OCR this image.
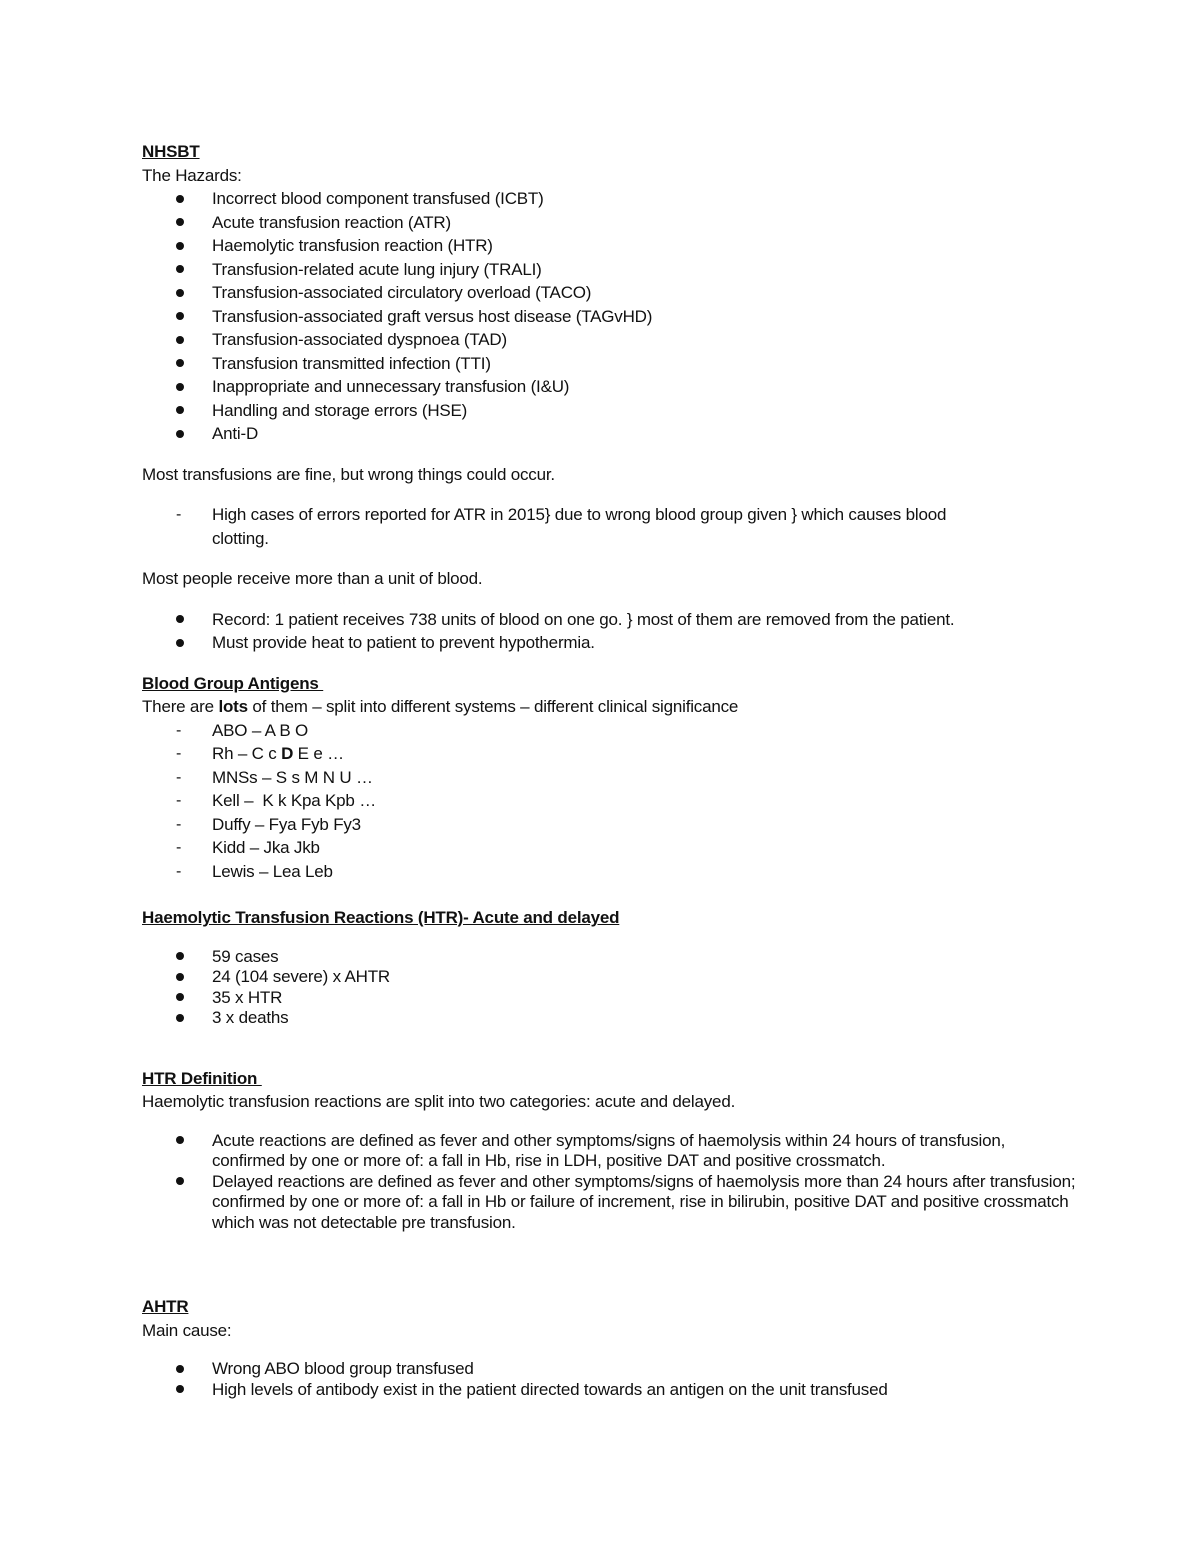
NHSBT
The Hazards:
Incorrect blood component transfused (ICBT)
Acute transfusion reaction (ATR)
Haemolytic transfusion reaction (HTR)
Transfusion-related acute lung injury (TRALI)
Transfusion-associated circulatory overload (TACO)
Transfusion-associated graft versus host disease (TAGvHD)
Transfusion-associated dyspnoea (TAD)
Transfusion transmitted infection (TTI)
Inappropriate and unnecessary transfusion (I&U)
Handling and storage errors (HSE)
Anti-D
Most transfusions are fine, but wrong things could occur.
- High cases of errors reported for ATR in 2015} due to wrong blood group given } which causes blood
clotting.
Most people receive more than a unit of blood.
Record: 1 patient receives 738 units of blood on one go. } most of them are removed from the patient.
Must provide heat to patient to prevent hypothermia.
Blood Group Antigens
There are lots of them – split into different systems – different clinical significance
- ABO – A B O
- Rh – C c D E e …
- MNSs – S s M N U …
- Kell –  K k Kpa Kpb …
- Duffy – Fya Fyb Fy3
- Kidd – Jka Jkb
- Lewis – Lea Leb
Haemolytic Transfusion Reactions (HTR)- Acute and delayed
59 cases
24 (104 severe) x AHTR
35 x HTR
3 x deaths
HTR Definition
Haemolytic transfusion reactions are split into two categories: acute and delayed.
Acute reactions are defined as fever and other symptoms/signs of haemolysis within 24 hours of transfusion, confirmed by one or more of: a fall in Hb, rise in LDH, positive DAT and positive crossmatch.
Delayed reactions are defined as fever and other symptoms/signs of haemolysis more than 24 hours after transfusion; confirmed by one or more of: a fall in Hb or failure of increment, rise in bilirubin, positive DAT and positive crossmatch which was not detectable pre transfusion.
AHTR
Main cause:
Wrong ABO blood group transfused
High levels of antibody exist in the patient directed towards an antigen on the unit transfused
